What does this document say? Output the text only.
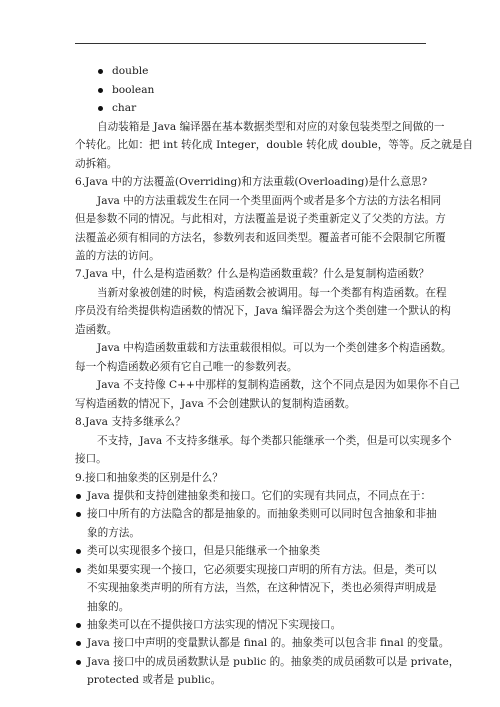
double
boolean
char
自动装箱是 Java 编译器在基本数据类型和对应的对象包装类型之间做的一
个转化。比如：把 int 转化成 Integer，double 转化成 double，等等。反之就是自
动拆箱。
6.Java 中的方法覆盖(Overriding)和方法重载(Overloading)是什么意思?
Java 中的方法重载发生在同一个类里面两个或者是多个方法的方法名相同
但是参数不同的情况。与此相对，方法覆盖是说子类重新定义了父类的方法。方
法覆盖必须有相同的方法名，参数列表和返回类型。覆盖者可能不会限制它所覆
盖的方法的访问。
7.Java 中，什么是构造函数？什么是构造函数重载？什么是复制构造函数？
当新对象被创建的时候，构造函数会被调用。每一个类都有构造函数。在程
序员没有给类提供构造函数的情况下，Java 编译器会为这个类创建一个默认的构
造函数。
Java 中构造函数重载和方法重载很相似。可以为一个类创建多个构造函数。
每一个构造函数必须有它自己唯一的参数列表。
Java 不支持像 C++中那样的复制构造函数，这个不同点是因为如果你不自己
写构造函数的情况下，Java 不会创建默认的复制构造函数。
8.Java 支持多继承么？
不支持，Java 不支持多继承。每个类都只能继承一个类，但是可以实现多个
接口。
9.接口和抽象类的区别是什么？
Java 提供和支持创建抽象类和接口。它们的实现有共同点，不同点在于：
接口中所有的方法隐含的都是抽象的。而抽象类则可以同时包含抽象和非抽
象的方法。
类可以实现很多个接口，但是只能继承一个抽象类
类如果要实现一个接口，它必须要实现接口声明的所有方法。但是，类可以
不实现抽象类声明的所有方法，当然，在这种情况下，类也必须得声明成是
抽象的。
抽象类可以在不提供接口方法实现的情况下实现接口。
Java 接口中声明的变量默认都是 final 的。抽象类可以包含非 final 的变量。
Java 接口中的成员函数默认是 public 的。抽象类的成员函数可以是 private，
protected 或者是 public。
